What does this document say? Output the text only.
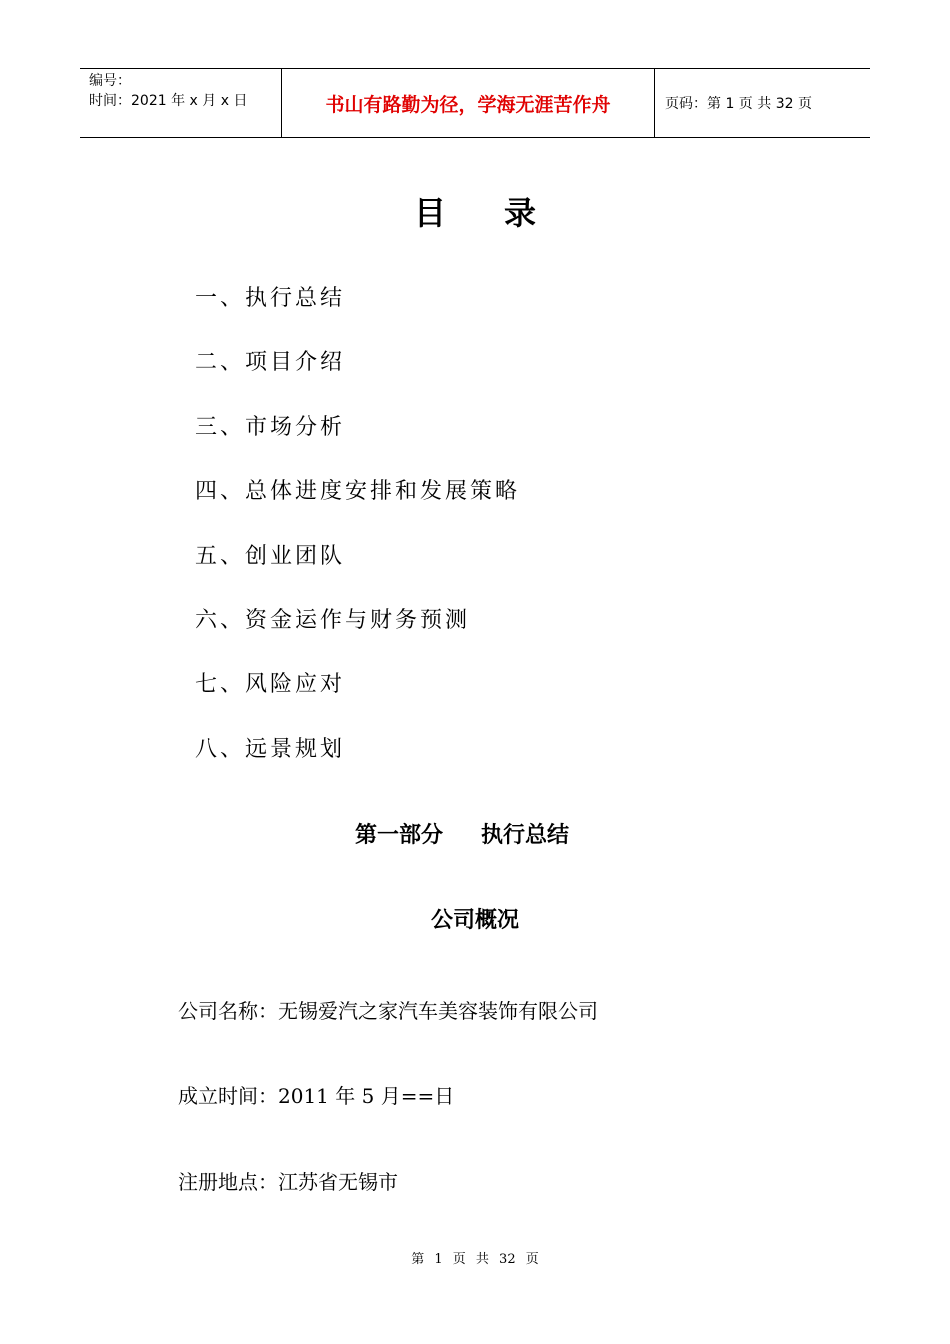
编号：
时间：2021 年 x 月 x 日	书山有路勤为径，学海无涯苦作舟	页码：第 1 页 共 32 页
目录
一、执行总结
二、项目介绍
三、市场分析
四、总体进度安排和发展策略
五、创业团队
六、资金运作与财务预测
七、风险应对
八、远景规划
第一部分 执行总结
公司概况
公司名称：无锡爱汽之家汽车美容装饰有限公司
成立时间：2011 年 5 月==日
注册地点：江苏省无锡市
第 1 页 共 32 页
